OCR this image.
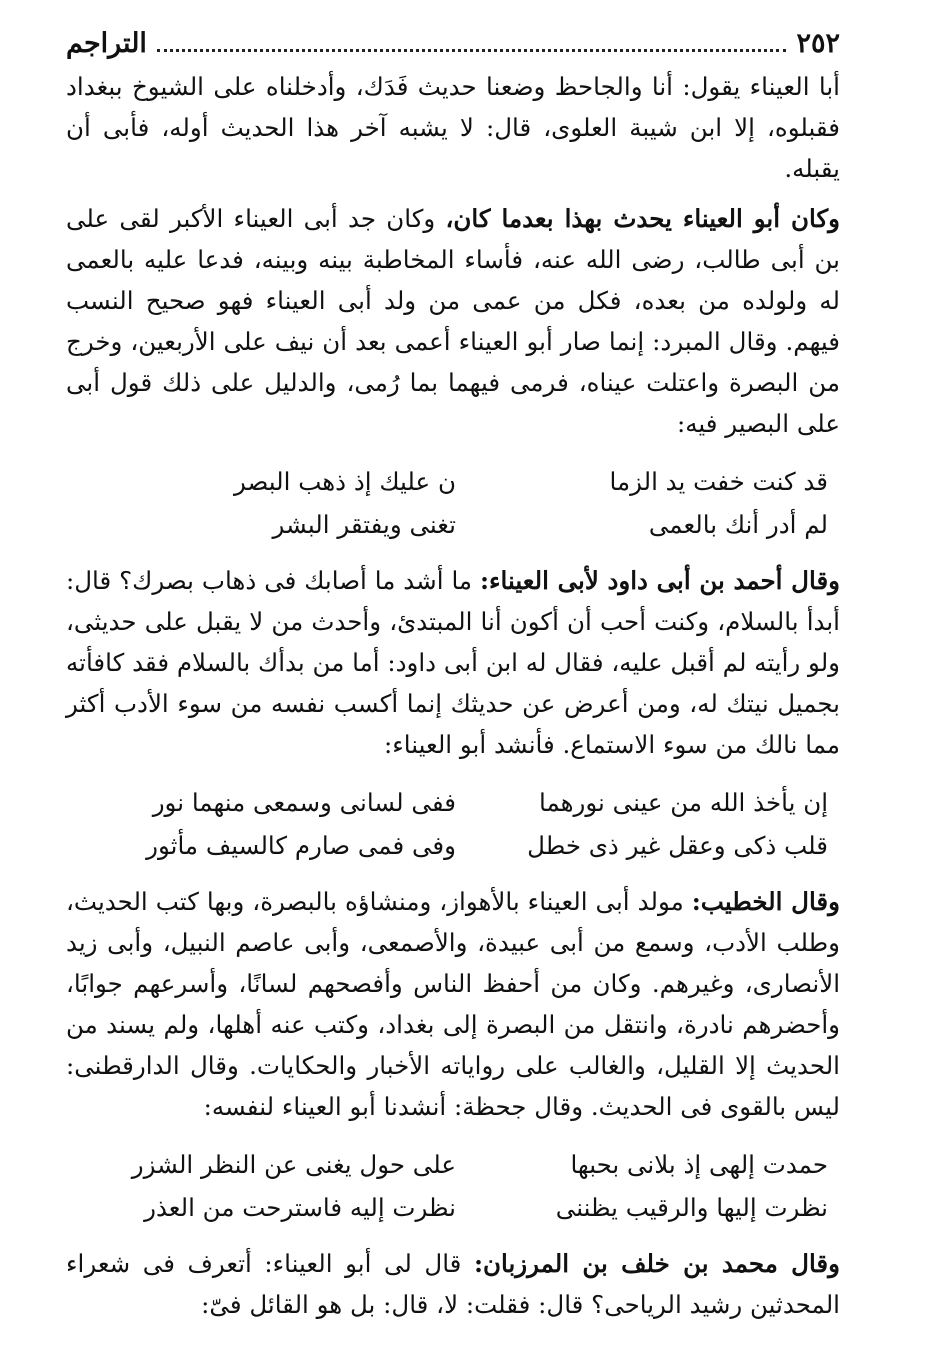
٢٥٢
التراجم

أبا العيناء يقول: أنا والجاحظ وضعنا حديث فَدَك، وأدخلناه على الشيوخ ببغداد فقبلوه، إلا ابن شيبة العلوى، قال: لا يشبه آخر هذا الحديث أوله، فأبى أن يقبله.

وكان أبو العيناء يحدث بهذا بعدما كان، وكان جد أبى العيناء الأكبر لقى على بن أبى طالب، رضى الله عنه، فأساء المخاطبة بينه وبينه، فدعا عليه بالعمى له ولولده من بعده، فكل من عمى من ولد أبى العيناء فهو صحيح النسب فيهم. وقال المبرد: إنما صار أبو العيناء أعمى بعد أن نيف على الأربعين، وخرج من البصرة واعتلت عيناه، فرمى فيهما بما رُمى، والدليل على ذلك قول أبى على البصير فيه:

قد كنت خفت يد الزما
ن عليك إذ ذهب البصر
لم أدر أنك بالعمى
تغنى ويفتقر البشر

وقال أحمد بن أبى داود لأبى العيناء: ما أشد ما أصابك فى ذهاب بصرك؟ قال: أبدأ بالسلام، وكنت أحب أن أكون أنا المبتدئ، وأحدث من لا يقبل على حديثى، ولو رأيته لم أقبل عليه، فقال له ابن أبى داود: أما من بدأك بالسلام فقد كافأته بجميل نيتك له، ومن أعرض عن حديثك إنما أكسب نفسه من سوء الأدب أكثر مما نالك من سوء الاستماع. فأنشد أبو العيناء:

إن يأخذ الله من عينى نورهما
ففى لسانى وسمعى منهما نور
قلب ذكى وعقل غير ذى خطل
وفى فمى صارم كالسيف مأثور

وقال الخطيب: مولد أبى العيناء بالأهواز، ومنشاؤه بالبصرة، وبها كتب الحديث، وطلب الأدب، وسمع من أبى عبيدة، والأصمعى، وأبى عاصم النبيل، وأبى زيد الأنصارى، وغيرهم. وكان من أحفظ الناس وأفصحهم لسانًا، وأسرعهم جوابًا، وأحضرهم نادرة، وانتقل من البصرة إلى بغداد، وكتب عنه أهلها، ولم يسند من الحديث إلا القليل، والغالب على رواياته الأخبار والحكايات. وقال الدارقطنى: ليس بالقوى فى الحديث. وقال جحظة: أنشدنا أبو العيناء لنفسه:

حمدت إلهى إذ بلانى بحبها
على حول يغنى عن النظر الشزر
نظرت إليها والرقيب يظننى
نظرت إليه فاسترحت من العذر

وقال محمد بن خلف بن المرزبان: قال لى أبو العيناء: أتعرف فى شعراء المحدثين رشيد الرياحى؟ قال: فقلت: لا، قال: بل هو القائل فىّ:
